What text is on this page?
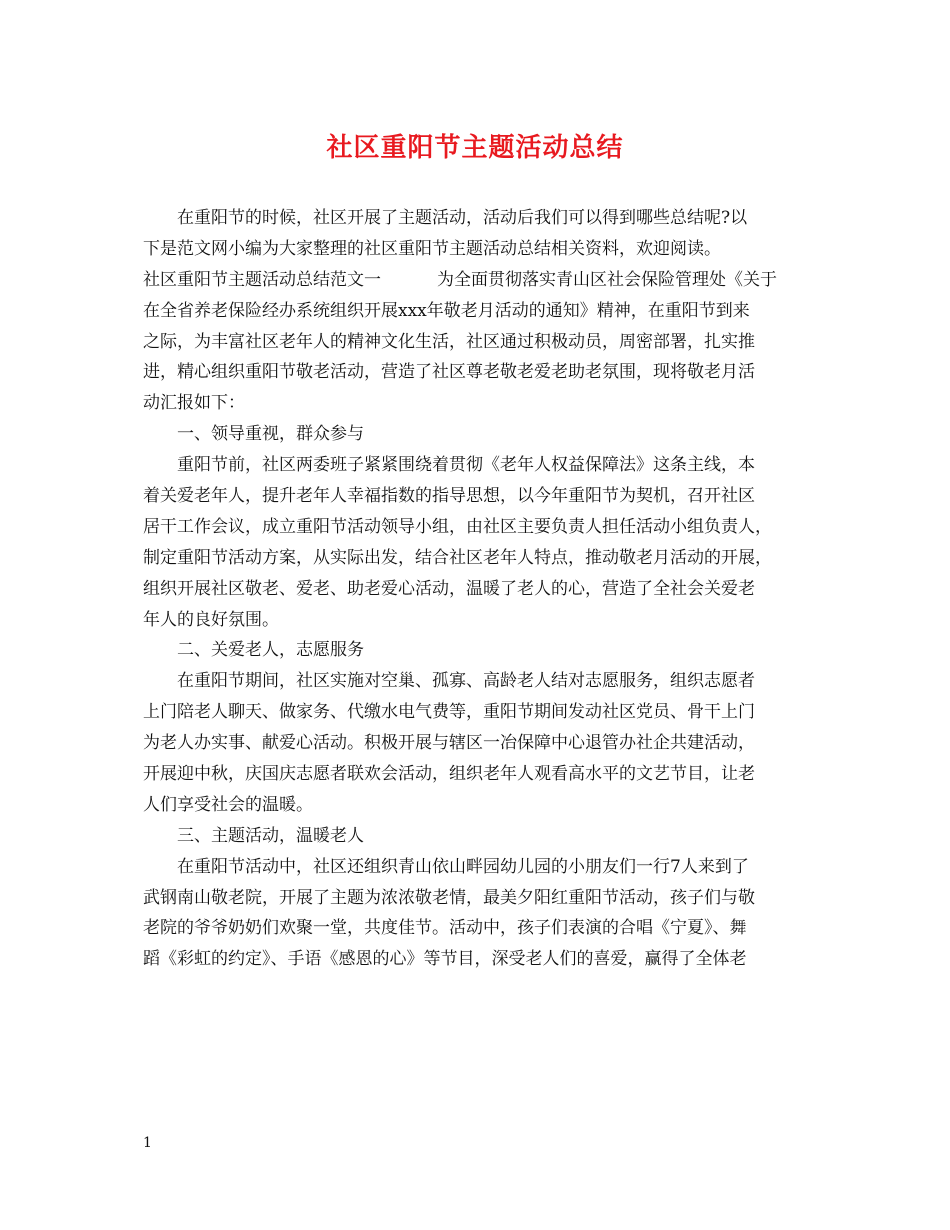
社区重阳节主题活动总结
在重阳节的时候，社区开展了主题活动，活动后我们可以得到哪些总结呢?以
下是范文网小编为大家整理的社区重阳节主题活动总结相关资料，欢迎阅读。
社区重阳节主题活动总结范文一	为全面贯彻落实青山区社会保险管理处《关于
在全省养老保险经办系统组织开展xxx年敬老月活动的通知》精神，在重阳节到来
之际，为丰富社区老年人的精神文化生活，社区通过积极动员，周密部署，扎实推
进，精心组织重阳节敬老活动，营造了社区尊老敬老爱老助老氛围，现将敬老月活
动汇报如下：
一、领导重视，群众参与
重阳节前，社区两委班子紧紧围绕着贯彻《老年人权益保障法》这条主线，本
着关爱老年人，提升老年人幸福指数的指导思想，以今年重阳节为契机，召开社区
居干工作会议，成立重阳节活动领导小组，由社区主要负责人担任活动小组负责人，
制定重阳节活动方案，从实际出发，结合社区老年人特点，推动敬老月活动的开展，
组织开展社区敬老、爱老、助老爱心活动，温暖了老人的心，营造了全社会关爱老
年人的良好氛围。
二、关爱老人，志愿服务
在重阳节期间，社区实施对空巢、孤寡、高龄老人结对志愿服务，组织志愿者
上门陪老人聊天、做家务、代缴水电气费等，重阳节期间发动社区党员、骨干上门
为老人办实事、献爱心活动。积极开展与辖区一冶保障中心退管办社企共建活动，
开展迎中秋，庆国庆志愿者联欢会活动，组织老年人观看高水平的文艺节目，让老
人们享受社会的温暖。
三、主题活动，温暖老人
在重阳节活动中，社区还组织青山依山畔园幼儿园的小朋友们一行7人来到了
武钢南山敬老院，开展了主题为浓浓敬老情，最美夕阳红重阳节活动，孩子们与敬
老院的爷爷奶奶们欢聚一堂，共度佳节。活动中，孩子们表演的合唱《宁夏》、舞
蹈《彩虹的约定》、手语《感恩的心》等节目，深受老人们的喜爱，赢得了全体老
1
